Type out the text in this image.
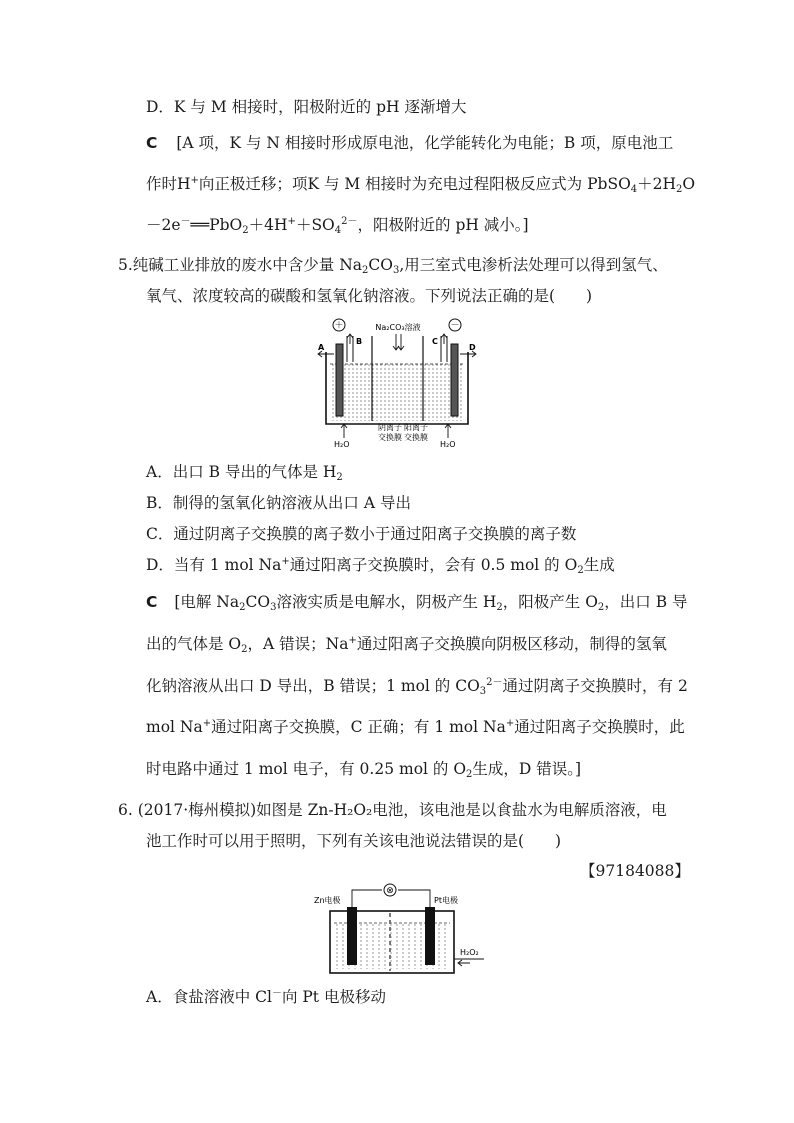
D．K 与 M 相接时，阳极附近的 pH 逐渐增大
C [A 项，K 与 N 相接时形成原电池，化学能转化为电能；B 项，原电池工
作时H+向正极迁移；项K 与 M 相接时为充电过程阳极反应式为 $PbSO_4+2H_2O$
$-2e^-══PbO_2+4H^++SO_4^{2-}$，阳极附近的 pH 减小。]
5.纯碱工业排放的废水中含少量 $Na_2CO_3$,用三室式电渗析法处理可以得到氢气、
氧气、浓度较高的碳酸和氢氧化钠溶液。下列说法正确的是(　　)
＋	－
Na₂CO₃溶液
A
B	C
D
H₂O	H₂O
阴离子
交换膜
阳离子
交换膜
A．出口 B 导出的气体是 $H_2$
B．制得的氢氧化钠溶液从出口 A 导出
C．通过阴离子交换膜的离子数小于通过阳离子交换膜的离子数
D．当有 1 mol Na+通过阳离子交换膜时，会有 0.5 mol 的 $O_2$生成
C [电解 $Na_2CO_3$溶液实质是电解水，阴极产生 $H_2$，阳极产生 $O_2$，出口 B 导
出的气体是 $O_2$，A 错误；Na+通过阳离子交换膜向阴极区移动，制得的氢氧
化钠溶液从出口 D 导出，B 错误；1 mol 的 $CO_3^{2-}$通过阴离子交换膜时，有 2
mol Na+通过阳离子交换膜，C 正确；有 1 mol Na+通过阳离子交换膜时，此
时电路中通过 1 mol 电子，有 0.25 mol 的 $O_2$生成，D 错误。]
6. (2017·梅州模拟)如图是 Zn-H₂O₂电池，该电池是以食盐水为电解质溶液，电
池工作时可以用于照明，下列有关该电池说法错误的是(　　)
【97184088】
⊗
Zn电极	Pt电极
H₂O₂
A．食盐溶液中 Cl－向 Pt 电极移动
